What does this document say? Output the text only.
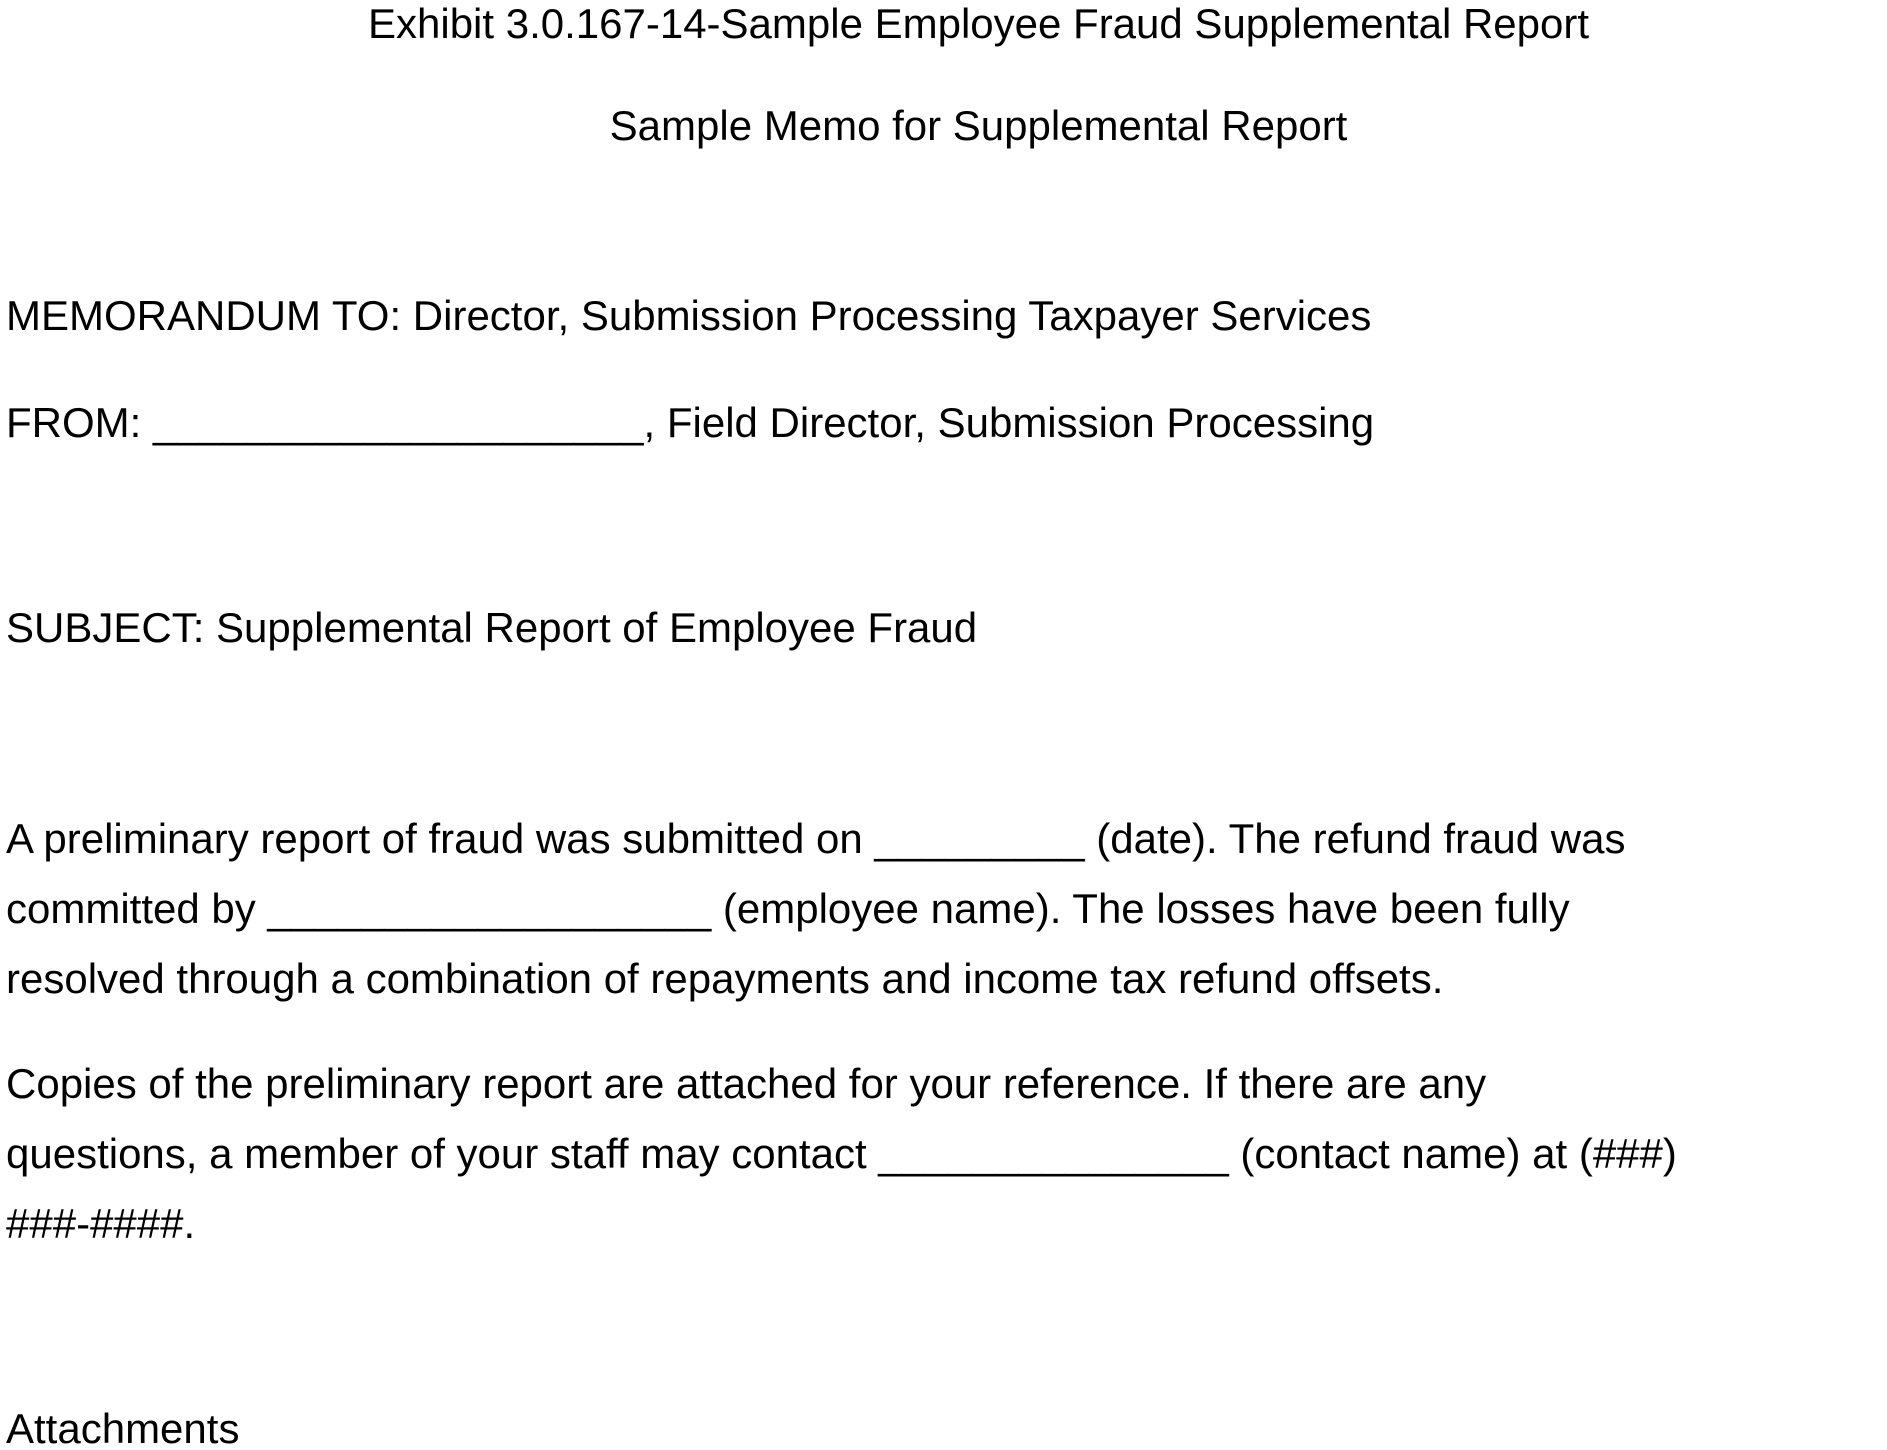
Exhibit 3.0.167-14-Sample Employee Fraud Supplemental Report
Sample Memo for Supplemental Report
MEMORANDUM TO: Director, Submission Processing Taxpayer Services
FROM: _____________________, Field Director, Submission Processing
SUBJECT: Supplemental Report of Employee Fraud
A preliminary report of fraud was submitted on _________ (date). The refund fraud was
committed by ___________________ (employee name). The losses have been fully
resolved through a combination of repayments and income tax refund offsets.
Copies of the preliminary report are attached for your reference. If there are any
questions, a member of your staff may contact _______________ (contact name) at (###)
###-####.
Attachments
